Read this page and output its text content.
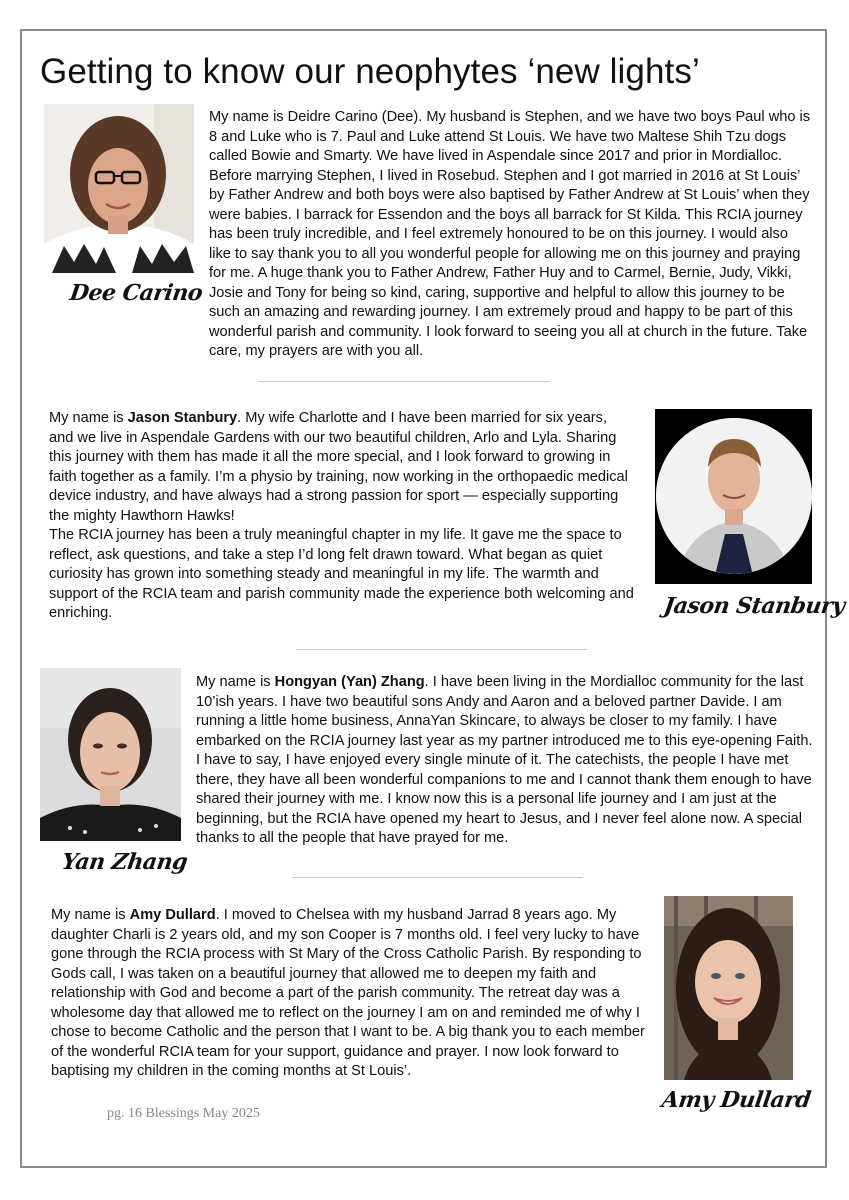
Getting to know our neophytes ‘new lights’

My name is Deidre Carino (Dee). My husband is Stephen, and we have two boys Paul who is 8 and Luke who is 7. Paul and Luke attend St Louis. We have two Maltese Shih Tzu dogs called Bowie and Smarty. We have lived in Aspendale since 2017 and prior in Mordialloc. Before marrying Stephen, I lived in Rosebud. Stephen and I got married in 2016 at St Louis’ by Father Andrew and both boys were also baptised by Father Andrew at St Louis’ when they were babies. I barrack for Essendon and the boys all barrack for St Kilda. This RCIA journey has been truly incredible, and I feel extremely honoured to be on this journey. I would also like to say thank you to all you wonderful people for allowing me on this journey and praying for me. A huge thank you to Father Andrew, Father Huy and to Carmel, Bernie, Judy, Vikki, Josie and Tony for being so kind, caring, supportive and helpful to allow this journey to be such an amazing and rewarding journey. I am extremely proud and happy to be part of this wonderful parish and community. I look forward to seeing you all at church in the future. Take care, my prayers are with you all.

Dee Carino

My name is Jason Stanbury. My wife Charlotte and I have been married for six years, and we live in Aspendale Gardens with our two beautiful children, Arlo and Lyla. Sharing this journey with them has made it all the more special, and I look forward to growing in faith together as a family. I’m a physio by training, now working in the orthopaedic medical device industry, and have always had a strong passion for sport — especially supporting the mighty Hawthorn Hawks!

The RCIA journey has been a truly meaningful chapter in my life. It gave me the space to reflect, ask questions, and take a step I’d long felt drawn toward. What began as quiet curiosity has grown into something steady and meaningful in my life. The warmth and support of the RCIA team and parish community made the experience both welcoming and enriching.	Jason Stanbury
Yan Zhang

My name is Hongyan (Yan) Zhang. I have been living in the Mordialloc community for the last 10’ish years. I have two beautiful sons Andy and Aaron and a beloved partner Davide. I am running a little home business, AnnaYan Skincare, to always be closer to my family. I have embarked on the RCIA journey last year as my partner introduced me to this eye-opening Faith. I have to say, I have enjoyed every single minute of it. The catechists, the people I have met there, they have all been wonderful companions to me and I cannot thank them enough to have shared their journey with me. I know now this is a personal life journey and I am just at the beginning, but the RCIA have opened my heart to Jesus, and I never feel alone now. A special thanks to all the people that have prayed for me.

My name is Amy Dullard. I moved to Chelsea with my husband Jarrad 8 years ago. My daughter Charli is 2 years old, and my son Cooper is 7 months old. I feel very lucky to have gone through the RCIA process with St Mary of the Cross Catholic Parish. By responding to Gods call, I was taken on a beautiful journey that allowed me to deepen my faith and relationship with God and become a part of the parish community. The retreat day was a wholesome day that allowed me to reflect on the journey I am on and reminded me of why I chose to become Catholic and the person that I want to be. A big thank you to each member of the wonderful RCIA team for your support, guidance and prayer. I now look forward to baptising my children in the coming months at St Louis’.

Amy Dullard
pg. 16 Blessings May 2025
